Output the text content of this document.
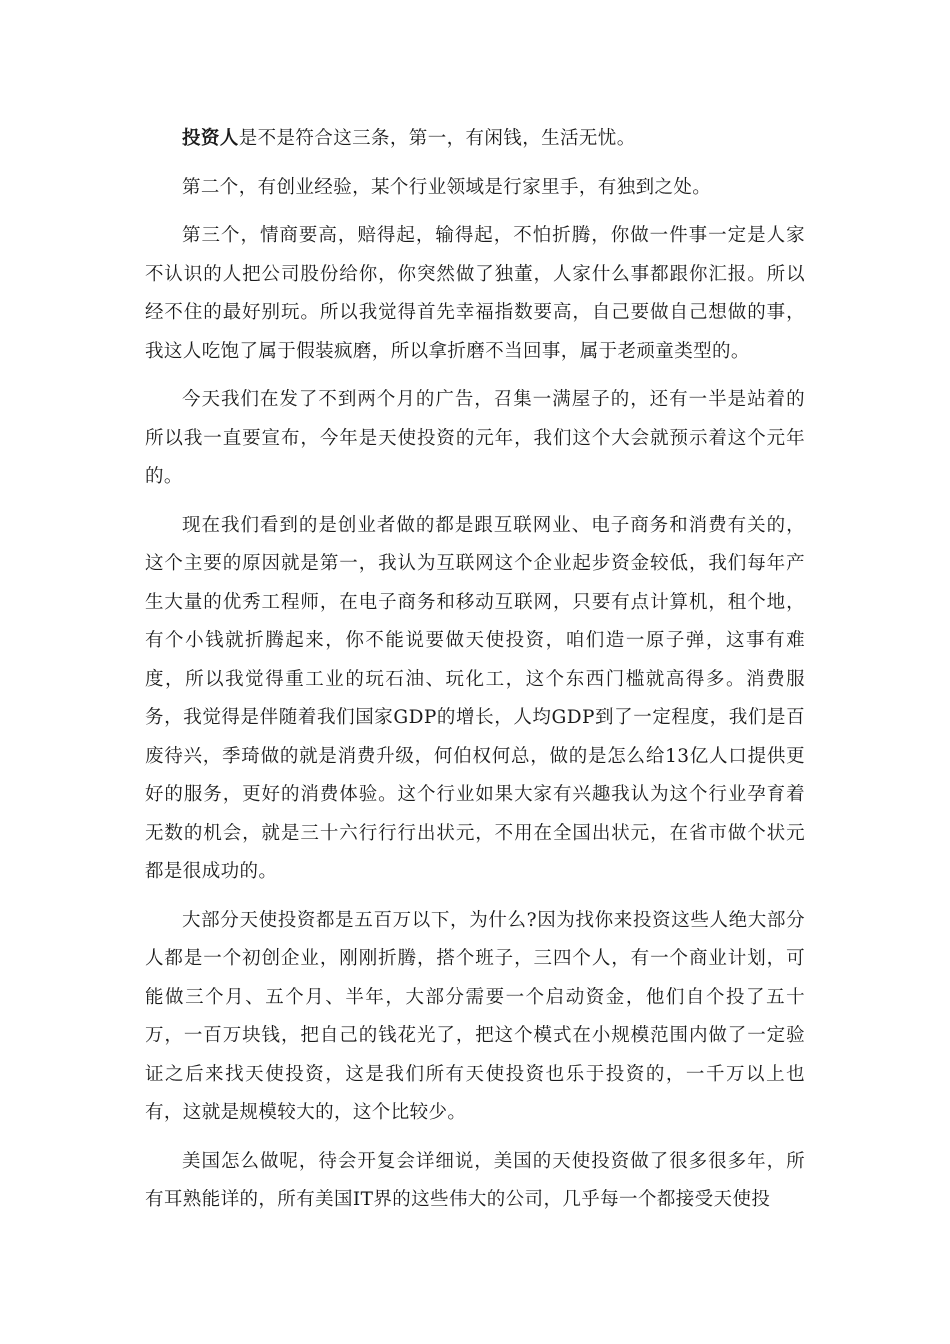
投资人是不是符合这三条，第一，有闲钱，生活无忧。

第二个，有创业经验，某个行业领域是行家里手，有独到之处。

第三个，情商要高，赔得起，输得起，不怕折腾，你做一件事一定是人家不认识的人把公司股份给你，你突然做了独董，人家什么事都跟你汇报。所以经不住的最好别玩。所以我觉得首先幸福指数要高，自己要做自己想做的事，我这人吃饱了属于假装疯磨，所以拿折磨不当回事，属于老顽童类型的。

今天我们在发了不到两个月的广告，召集一满屋子的，还有一半是站着的所以我一直要宣布，今年是天使投资的元年，我们这个大会就预示着这个元年的。

现在我们看到的是创业者做的都是跟互联网业、电子商务和消费有关的，这个主要的原因就是第一，我认为互联网这个企业起步资金较低，我们每年产生大量的优秀工程师，在电子商务和移动互联网，只要有点计算机，租个地，有个小钱就折腾起来，你不能说要做天使投资，咱们造一原子弹，这事有难度，所以我觉得重工业的玩石油、玩化工，这个东西门槛就高得多。消费服务，我觉得是伴随着我们国家GDP的增长，人均GDP到了一定程度，我们是百废待兴，季琦做的就是消费升级，何伯权何总，做的是怎么给13亿人口提供更好的服务，更好的消费体验。这个行业如果大家有兴趣我认为这个行业孕育着无数的机会，就是三十六行行行出状元，不用在全国出状元，在省市做个状元都是很成功的。

大部分天使投资都是五百万以下，为什么?因为找你来投资这些人绝大部分人都是一个初创企业，刚刚折腾，搭个班子，三四个人，有一个商业计划，可能做三个月、五个月、半年，大部分需要一个启动资金，他们自个投了五十万，一百万块钱，把自己的钱花光了，把这个模式在小规模范围内做了一定验证之后来找天使投资，这是我们所有天使投资也乐于投资的，一千万以上也有，这就是规模较大的，这个比较少。

美国怎么做呢，待会开复会详细说，美国的天使投资做了很多很多年，所有耳熟能详的，所有美国IT界的这些伟大的公司，几乎每一个都接受天使投
